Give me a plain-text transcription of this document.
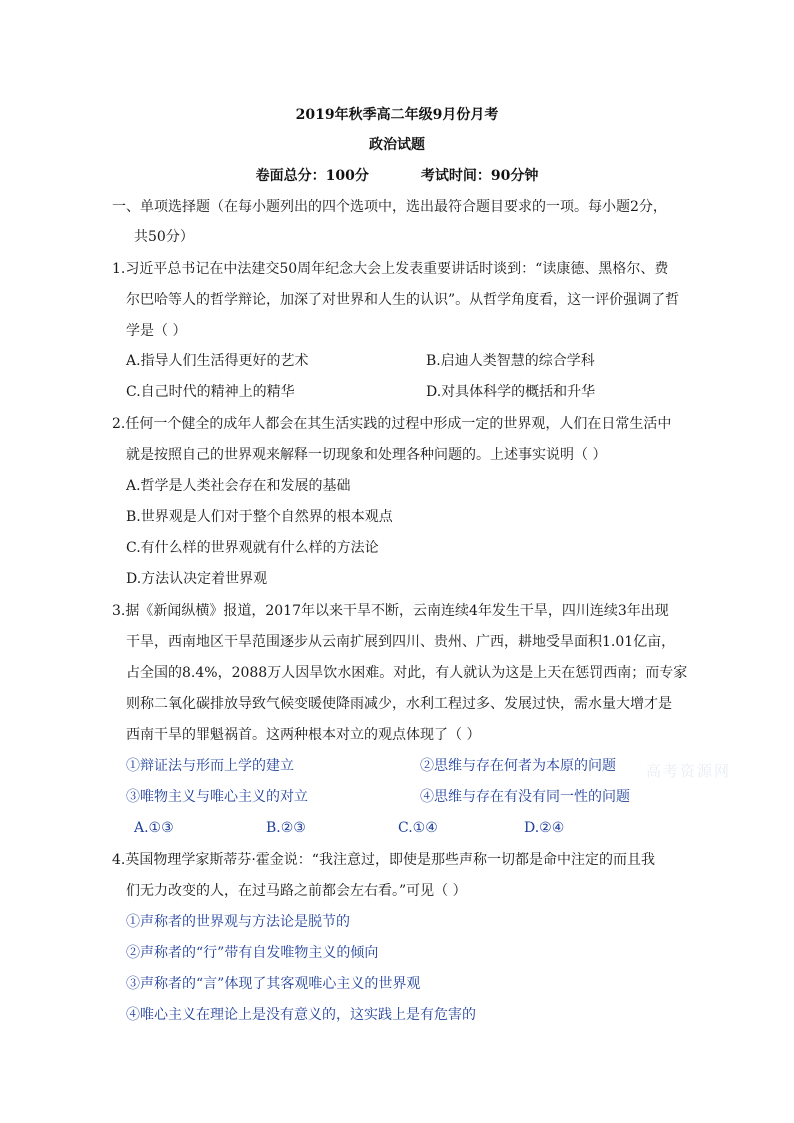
2019年秋季高二年级9月份月考
政治试题
卷面总分：100分	考试时间：90分钟
一、单项选择题（在每小题列出的四个选项中，选出最符合题目要求的一项。每小题2分，
共50分）
1.习近平总书记在中法建交50周年纪念大会上发表重要讲话时谈到：“读康德、黑格尔、费
尔巴哈等人的哲学辩论，加深了对世界和人生的认识”。从哲学角度看，这一评价强调了哲
学是（ ）
A.指导人们生活得更好的艺术	B.启迪人类智慧的综合学科
C.自己时代的精神上的精华	D.对具体科学的概括和升华
2.任何一个健全的成年人都会在其生活实践的过程中形成一定的世界观，人们在日常生活中
就是按照自己的世界观来解释一切现象和处理各种问题的。上述事实说明（ ）
A.哲学是人类社会存在和发展的基础
B.世界观是人们对于整个自然界的根本观点
C.有什么样的世界观就有什么样的方法论
D.方法认决定着世界观
3.据《新闻纵横》报道，2017年以来干旱不断，云南连续4年发生干旱，四川连续3年出现
干旱，西南地区干旱范围逐步从云南扩展到四川、贵州、广西，耕地受旱面积1.01亿亩，
占全国的8.4%，2088万人因旱饮水困难。对此，有人就认为这是上天在惩罚西南；而专家
则称二氧化碳排放导致气候变暖使降雨减少，水利工程过多、发展过快，需水量大增才是
西南干旱的罪魁祸首。这两种根本对立的观点体现了（ ）
①辩证法与形而上学的建立	②思维与存在何者为本原的问题
③唯物主义与唯心主义的对立	④思维与存在有没有同一性的问题
A.①③	B.②③	C.①④	D.②④
4.英国物理学家斯蒂芬·霍金说：“我注意过，即使是那些声称一切都是命中注定的而且我
们无力改变的人，在过马路之前都会左右看。”可见（ ）
①声称者的世界观与方法论是脱节的
②声称者的“行”带有自发唯物主义的倾向
③声称者的“言”体现了其客观唯心主义的世界观
④唯心主义在理论上是没有意义的，这实践上是有危害的
高考资源网
